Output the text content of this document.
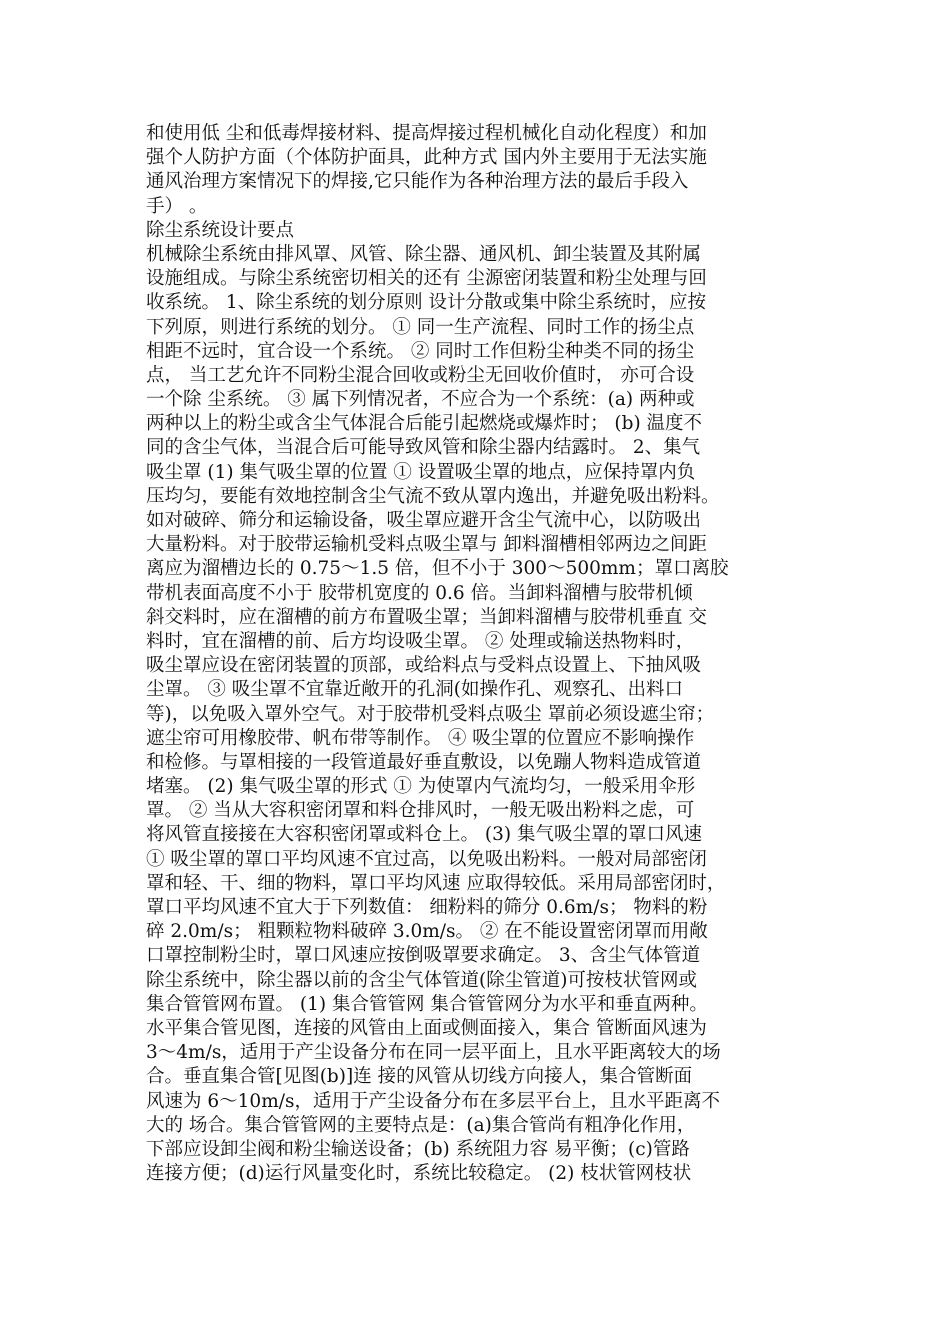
和使用低 尘和低毒焊接材料、提高焊接过程机械化自动化程度）和加
强个人防护方面（个体防护面具，此种方式 国内外主要用于无法实施
通风治理方案情况下的焊接,它只能作为各种治理方法的最后手段入
手） 。
除尘系统设计要点
机械除尘系统由排风罩、风管、除尘器、通风机、卸尘装置及其附属
设施组成。与除尘系统密切相关的还有 尘源密闭装置和粉尘处理与回
收系统。 1、除尘系统的划分原则 设计分散或集中除尘系统时，应按
下列原，则进行系统的划分。 ① 同一生产流程、同时工作的扬尘点
相距不远时，宜合设一个系统。 ② 同时工作但粉尘种类不同的扬尘
点， 当工艺允许不同粉尘混合回收或粉尘无回收价值时， 亦可合设
一个除 尘系统。 ③ 属下列情况者，不应合为一个系统：(a) 两种或
两种以上的粉尘或含尘气体混合后能引起燃烧或爆炸时； (b) 温度不
同的含尘气体，当混合后可能导致风管和除尘器内结露时。 2、集气
吸尘罩 (1) 集气吸尘罩的位置 ① 设置吸尘罩的地点，应保持罩内负
压均匀，要能有效地控制含尘气流不致从罩内逸出，并避免吸出粉料。
如对破碎、筛分和运输设备，吸尘罩应避开含尘气流中心，以防吸出
大量粉料。对于胶带运输机受料点吸尘罩与 卸料溜槽相邻两边之间距
离应为溜槽边长的 0.75～1.5 倍，但不小于 300～500mm；罩口离胶
带机表面高度不小于 胶带机宽度的 0.6 倍。当卸料溜槽与胶带机倾
斜交料时，应在溜槽的前方布置吸尘罩；当卸料溜槽与胶带机垂直 交
料时，宜在溜槽的前、后方均设吸尘罩。 ② 处理或输送热物料时，
吸尘罩应设在密闭装置的顶部，或给料点与受料点设置上、下抽风吸
尘罩。 ③ 吸尘罩不宜靠近敞开的孔洞(如操作孔、观察孔、出料口
等)，以免吸入罩外空气。对于胶带机受料点吸尘 罩前必须设遮尘帘；
遮尘帘可用橡胶带、帆布带等制作。 ④ 吸尘罩的位置应不影响操作
和检修。与罩相接的一段管道最好垂直敷设，以免蹦人物料造成管道
堵塞。 (2) 集气吸尘罩的形式 ① 为使罩内气流均匀，一般采用伞形
罩。 ② 当从大容积密闭罩和料仓排风时，一般无吸出粉料之虑，可
将风管直接接在大容积密闭罩或料仓上。 (3) 集气吸尘罩的罩口风速
① 吸尘罩的罩口平均风速不宜过高，以免吸出粉料。一般对局部密闭
罩和轻、干、细的物料，罩口平均风速 应取得较低。采用局部密闭时，
罩口平均风速不宜大于下列数值： 细粉料的筛分 0.6m/s； 物料的粉
碎 2.0m/s； 粗颗粒物料破碎 3.0m/s。 ② 在不能设置密闭罩而用敞
口罩控制粉尘时，罩口风速应按倒吸罩要求确定。 3、含尘气体管道
除尘系统中，除尘器以前的含尘气体管道(除尘管道)可按枝状管网或
集合管管网布置。 (1) 集合管管网 集合管管网分为水平和垂直两种。
水平集合管见图，连接的风管由上面或侧面接入，集合 管断面风速为
3～4m/s，适用于产尘设备分布在同一层平面上，且水平距离较大的场
合。垂直集合管[见图(b)]连 接的风管从切线方向接人，集合管断面
风速为 6～10m/s，适用于产尘设备分布在多层平台上，且水平距离不
大的 场合。集合管管网的主要特点是：(a)集合管尚有粗净化作用，
下部应设卸尘阀和粉尘输送设备；(b) 系统阻力容 易平衡；(c)管路
连接方便；(d)运行风量变化时，系统比较稳定。 (2) 枝状管网枝状
